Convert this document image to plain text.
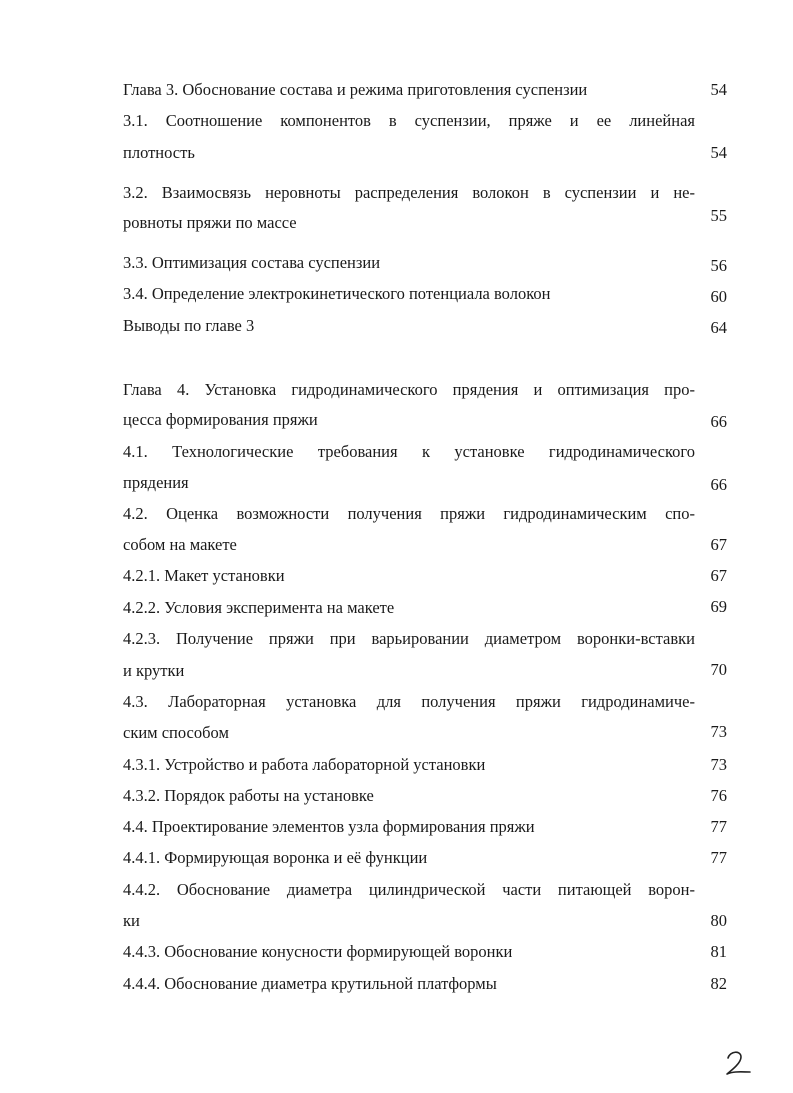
Глава 3. Обоснование состава и режима приготовления суспензии	54
3.1. Соотношение компонентов в суспензии, пряже и ее линейная
плотность	54
3.2. Взаимосвязь неровноты распределения волокон в суспензии и не-
ровноты пряжи по массе	55
3.3. Оптимизация состава суспензии	56
3.4. Определение электрокинетического потенциала волокон	60
Выводы по главе 3	64
Глава 4. Установка гидродинамического прядения и оптимизация про-
цесса формирования пряжи	66
4.1. Технологические требования к установке гидродинамического
прядения	66
4.2. Оценка возможности получения пряжи гидродинамическим спо-
собом на макете	67
4.2.1. Макет установки	67
4.2.2. Условия эксперимента на макете	69
4.2.3. Получение пряжи при варьировании диаметром воронки-вставки
и крутки	70
4.3. Лабораторная установка для получения пряжи гидродинамиче-
ским способом	73
4.3.1. Устройство и работа лабораторной установки	73
4.3.2. Порядок работы на установке	76
4.4. Проектирование элементов узла формирования пряжи	77
4.4.1. Формирующая воронка и её функции	77
4.4.2. Обоснование диаметра цилиндрической части питающей ворон-
ки	80
4.4.3. Обоснование конусности формирующей воронки	81
4.4.4. Обоснование диаметра крутильной платформы	82
